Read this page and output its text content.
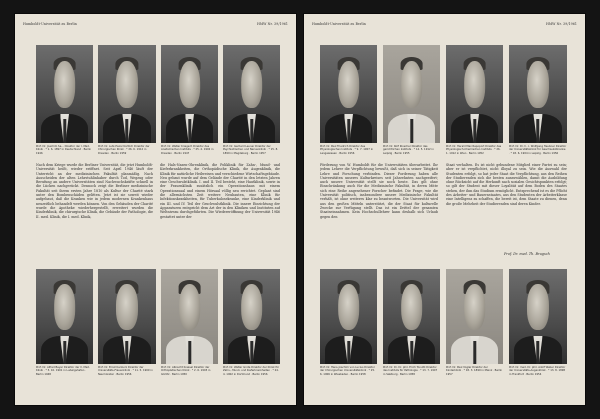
Humboldt-Universität zu Berlin	HMW Nr. 39/1961
Prof. Dr. Joachim Sa... Direktor der I. Med. Klinik · * 1. 6. 1897 in Deutschland · Berlin 1946
Prof. Dr. Lutz-Heinz Kortlich Direktor der Chirurgischen Klinik · * 26. 6. 1912 in Dresden · Berlin 1959
Prof. Dr. Walter Kriegsch Direktor des Anatomischen Instituts · * 25. 4. 1902 in Dresden · Berlin 1947
Prof. Dr. Gerhard Leuner Direktor der Psychiatrischen und Nervenklinik · * 15. 8. 1899 in Magdeburg · Berlin 1957
Nach dem Kriege wurde die Berliner Universität, die jetzt Humboldt-Universität heißt, wieder eröffnet. Seit April 1946 läuft der Unterricht an der medizinischen Fakultät planmäßig. Nach Ausscheiden der alten Lehrstuhlinhaber durch Tod, Wegzug oder Berufung an andere Universitäten sind Nachwuchskräfte schnell in die Lücken nachgerückt. Dennoch zeigt die Berliner medizinische Fakultät seit ihrem ersten Jahre 1810 als Kultur der Charité stark unter den Bombenschäden gelitten. Jetzt ist sie soweit wieder aufgebaut, daß die Kranken wie in jedem modernen Krankenhaus neuzeitlich behandelt werden können. Von den Gebäuden der Charité wurde die Apotheke wiederhergestellt, erweitert wurden die Kinderklinik, die chirurgische Klinik, die Gebäude der Pathologie, die II. med. Klinik, die I. med. Klinik,
die Hals-Nasen-Ohrenklinik, die Poliklinik für Zahn-, Mund- und Kieferkrankheiten, die Orthopädische Klinik, die Augenklinik, die Klinik für natürliche Heilweisen und verschiedene Wirtschaftsgebäude. Neu gebaut wurde auf dem Gelände der Charité in den letzten Jahren eine Geschwulstklinik. I. und II. Teil besteht, eine Hautklinik, sowie in der Frauenklinik zusätzlich ein Operationshaus mit einem Operationssaal und einem Hörsaal völlig neu errichtet. Geplant sind die allernächsten Zeit weitere Neubauten, eine Klinik für Infektionskrankheiten, für Tuberkulosekranke, eine Kinderklinik und ein III. und IV. Teil der Geschwulstklinik. Die innere Einrichtung der Apparaturen entspricht dem Art der in den Kliniken und Instituten auf Weltniveau durchgeführten. Die Wiedereröffnung der Universität 1946 gestattet unter der
Prof. Dr. Alfred Beyer Direktor der II. Med. Klinik · * 3. 10. 1901 in Ludwigshafen · Berlin 1948
Prof. Dr. Ernst Kuckuck Direktor der Universitäts-Frauenklinik · * 11. 5. 1909 in Neumünster · Berlin 1956
Prof. Dr. Albrecht Kneisel Direktor der Orthopädischen Klinik · * 2. 6. 1903 in Görlitz · Berlin 1950
Prof. Dr. Walter Grote Direktor der Klinik für Zahn-, Mund- und Kieferkrankheiten · * 24. 4. 1902 in Dortmund · Berlin 1956
Humboldt-Universität zu Berlin	HMW Nr. 39/1961
Prof. Dr. Paul Friedrich Direktor des Physiologischen Instituts · * 9. 7. 1907 in Langewiesen · Berlin 1956
Prof. Dr. Rolf Kloscher Direktor des gerichtlichen Instituts · * 14. 5. 1912 in Leipzig · Berlin 1955
Prof. Dr. Harald Max Rapoport Direktor des Physiologisch-Chemischen Instituts · * 26. 1. 1912 in Wien · Berlin 1952
Prof. Dr. Dr. h. c. Wolfgang Heubner Direktor der Universitätsklinik für Geschwulstkranke · * 18. 6. 1904 in Leipzig · Berlin 1956
Förderung von W. Humboldt für die Universitäten überarbeitet. Ihr jedem Lehrer die Verpflichtung bewußt, daß sich in seiner Tätigkeit Lehre und Forschung verbinden. Dieser Forderung haben alle Universitäten unseres Kulturkreises seit Jahrzehnten nachgeeifert; auch unsere Universität stellt sie noch heute. Das gilt ohne Einschränkung auch für die Medizinische Fakultät, in deren Mitte sich eine Reihe angesehener Forscher befindet. Die Frage, wie die Universität politisch, insbesondere unsere Medizinische Fakultät verhält, ist ohne weiteres klar zu beantworten. Die Universität wird aus den großen Mitteln unterstützt, die der Staat für kulturelle Zwecke zur Verfügung stellt. Das ist ein Drittel der gesamten Staatseinnahmen. Kein Hochschullehrer kann deshalb sich Urlaub gegen den
Staat verhalten. Es ist nicht gebundene Mitglied einer Partei zu sein; aber er ist verpflichtet, nicht illoyal zu sein. Wie die Auswahl der Studenten erfolgt, so hat jeder Staat die Verpflichtung, aus den Reihen der Studierenden sich die besten auszuwählen, damit die Ausbildung ohne Rücksicht auf die Herkunft nach sozialen Gesichtspunkten erfolgt; so gilt der Student mit dieser Loyalität auf dem Boden des Staates stehen, der ihm das Studium ermöglicht. Entsprechend ist es die Pflicht des Arbeiter- und Bauernstaates, aus den Studenten der Arbeiterklasse eine Intelligenz zu schaffen, die bereit ist, dem Staate zu dienen, denn die große Mehrheit der Studierenden sind deren Kinder.
Prof. Dr. med. Th. Brugsch
Prof. Dr. Hans-Joachim von Lucius Direktor der Chirurgischen Universitätsklinik · * 25. 6. 1906 in Wiesbaden · Berlin 1958
Prof. Dr. Dr. Dr. phil. Erich Tonutti Direktor des Instituts für Pathologie · * 13. 7. 1907 in Salzburg · Berlin 1958
Prof. Dr. Paul Vogler Direktor der Kinderklinik · * 18. 3. 1899 in Mainz · Berlin 1957
Prof. Dr. med. Dr. phil. Adolf Weber Direktor der Universitäts-Augenklinik · * 13. 8. 1898 in Frankfurt · Berlin 1954
